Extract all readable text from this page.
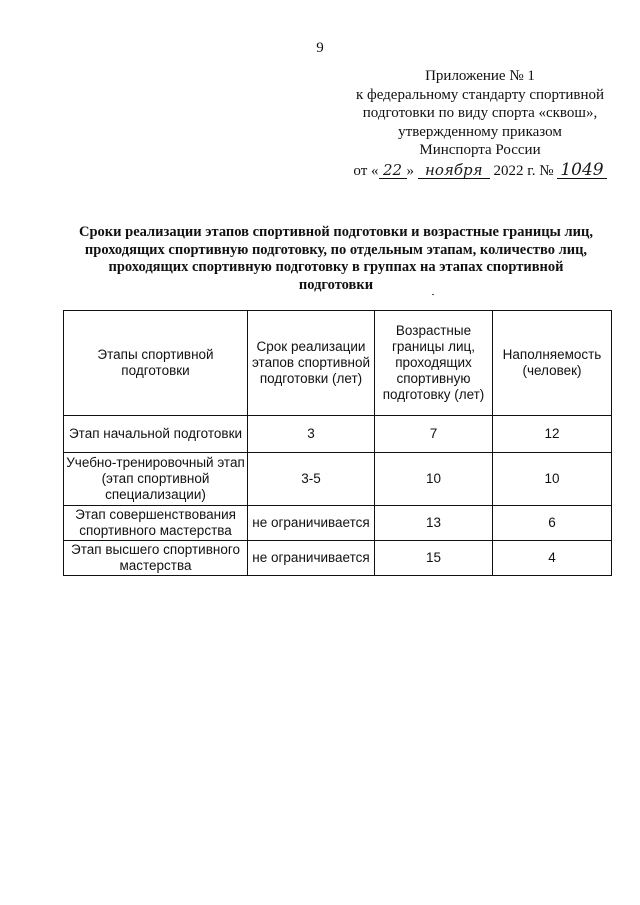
9
Приложение № 1
к федеральному стандарту спортивной
подготовки по виду спорта «сквош»,
утвержденному приказом
Минспорта России
от « 22 » ноября 2022 г. № 1049
Сроки реализации этапов спортивной подготовки и возрастные границы лиц,
проходящих спортивную подготовку, по отдельным этапам, количество лиц,
проходящих спортивную подготовку в группах на этапах спортивной
подготовки
Этапы спортивной подготовки	Срок реализации этапов спортивной подготовки (лет)	Возрастные границы лиц, проходящих спортивную подготовку (лет)	Наполняемость (человек)
Этап начальной подготовки	3	7	12
Учебно-тренировочный этап (этап спортивной специализации)	3-5	10	10
Этап совершенствования спортивного мастерства	не ограничивается	13	6
Этап высшего спортивного мастерства	не ограничивается	15	4
